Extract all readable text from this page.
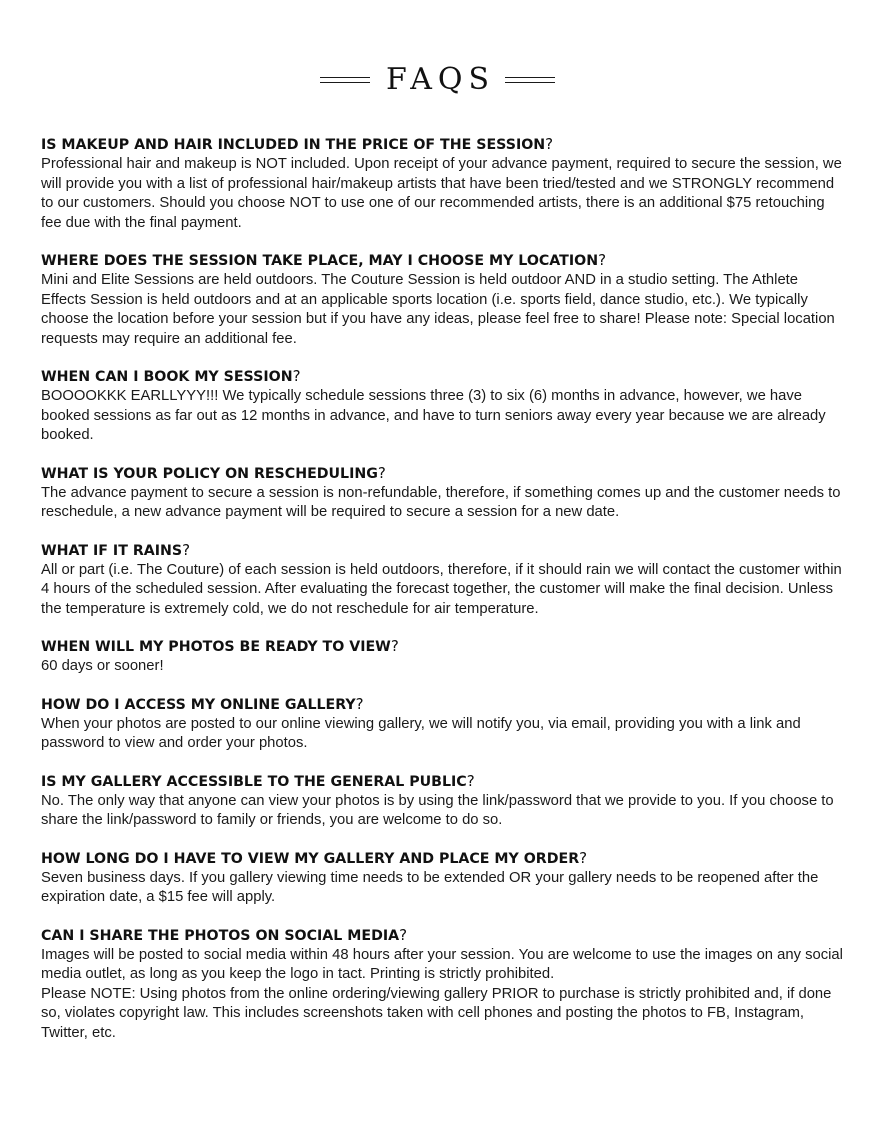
FAQS

IS MAKEUP AND HAIR INCLUDED IN THE PRICE OF THE SESSION?

Professional hair and makeup is NOT included. Upon receipt of your advance payment, required to secure the session, we will provide you with a list of professional hair/makeup artists that have been tried/tested and we STRONGLY recommend to our customers. Should you choose NOT to use one of our recommended artists, there is an additional $75 retouching fee due with the final payment.

WHERE DOES THE SESSION TAKE PLACE, MAY I CHOOSE MY LOCATION?

Mini and Elite Sessions are held outdoors. The Couture Session is held outdoor AND in a studio setting. The Athlete Effects Session is held outdoors and at an applicable sports location (i.e. sports field, dance studio, etc.). We typically choose the location before your session but if you have any ideas, please feel free to share! Please note: Special location requests may require an additional fee.

WHEN CAN I BOOK MY SESSION?

BOOOOKKK EARLLYYY!!! We typically schedule sessions three (3) to six (6) months in advance, however, we have booked sessions as far out as 12 months in advance, and have to turn seniors away every year because we are already booked.

WHAT IS YOUR POLICY ON RESCHEDULING?

The advance payment to secure a session is non-refundable, therefore, if something comes up and the customer needs to reschedule, a new advance payment will be required to secure a session for a new date.

WHAT IF IT RAINS?

All or part (i.e. The Couture) of each session is held outdoors, therefore, if it should rain we will contact the customer within 4 hours of the scheduled session. After evaluating the forecast together, the customer will make the final decision. Unless the temperature is extremely cold, we do not reschedule for air temperature.

WHEN WILL MY PHOTOS BE READY TO VIEW?

60 days or sooner!

HOW DO I ACCESS MY ONLINE GALLERY?

When your photos are posted to our online viewing gallery, we will notify you, via email, providing you with a link and password to view and order your photos.

IS MY GALLERY ACCESSIBLE TO THE GENERAL PUBLIC?

No. The only way that anyone can view your photos is by using the link/password that we provide to you. If you choose to share the link/password to family or friends, you are welcome to do so.

HOW LONG DO I HAVE TO VIEW MY GALLERY AND PLACE MY ORDER?

Seven business days. If you gallery viewing time needs to be extended OR your gallery needs to be reopened after the expiration date, a $15 fee will apply.

CAN I SHARE THE PHOTOS ON SOCIAL MEDIA?

Images will be posted to social media within 48 hours after your session. You are welcome to use the images on any social media outlet, as long as you keep the logo in tact. Printing is strictly prohibited.

Please NOTE: Using photos from the online ordering/viewing gallery PRIOR to purchase is strictly prohibited and, if done so, violates copyright law. This includes screenshots taken with cell phones and posting the photos to FB, Instagram, Twitter, etc.
